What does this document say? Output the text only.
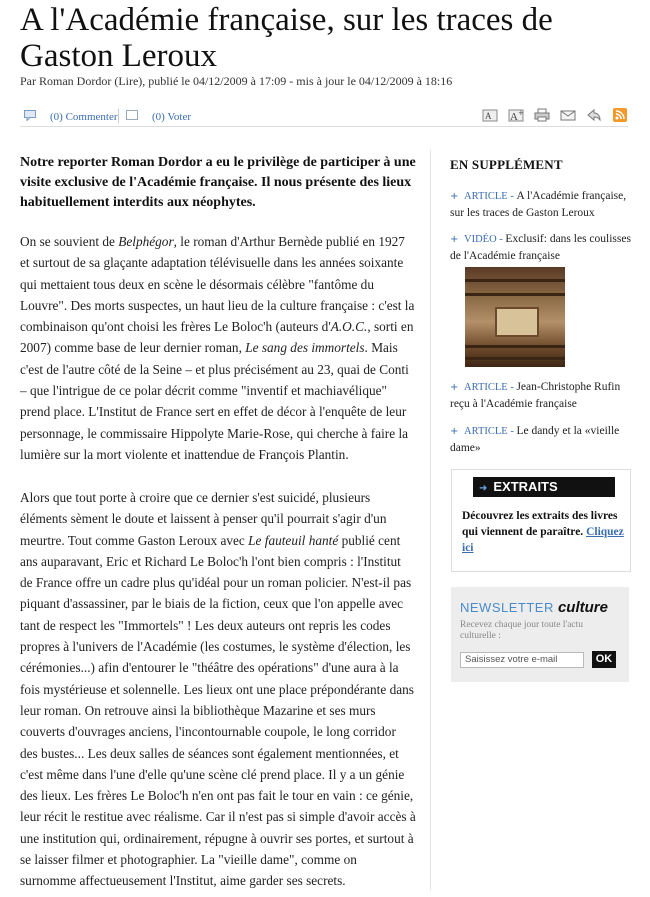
A l'Académie française, sur les traces de Gaston Leroux
Par Roman Dordor (Lire), publié le 04/12/2009 à 17:09 - mis à jour le 04/12/2009 à 18:16
(0) Commenter	(0) Voter	A
A +

Notre reporter Roman Dordor a eu le privilège de participer à une visite exclusive de l'Académie française. Il nous présente des lieux habituellement interdits aux néophytes.

On se souvient de Belphégor, le roman d'Arthur Bernède publié en 1927 et surtout de sa glaçante adaptation télévisuelle dans les années soixante qui mettaient tous deux en scène le désormais célèbre "fantôme du Louvre". Des morts suspectes, un haut lieu de la culture française : c'est la combinaison qu'ont choisi les frères Le Boloc'h (auteurs d'A.O.C., sorti en 2007) comme base de leur dernier roman, Le sang des immortels. Mais c'est de l'autre côté de la Seine – et plus précisément au 23, quai de Conti – que l'intrigue de ce polar décrit comme "inventif et machiavélique" prend place. L'Institut de France sert en effet de décor à l'enquête de leur personnage, le commissaire Hippolyte Marie-Rose, qui cherche à faire la lumière sur la mort violente et inattendue de François Plantin.

Alors que tout porte à croire que ce dernier s'est suicidé, plusieurs éléments sèment le doute et laissent à penser qu'il pourrait s'agir d'un meurtre. Tout comme Gaston Leroux avec Le fauteuil hanté publié cent ans auparavant, Eric et Richard Le Boloc'h l'ont bien compris : l'Institut de France offre un cadre plus qu'idéal pour un roman policier. N'est-il pas piquant d'assassiner, par le biais de la fiction, ceux que l'on appelle avec tant de respect les "Immortels" ! Les deux auteurs ont repris les codes propres à l'univers de l'Académie (les costumes, le système d'élection, les cérémonies...) afin d'entourer le "théâtre des opérations" d'une aura à la fois mystérieuse et solennelle. Les lieux ont une place prépondérante dans leur roman. On retrouve ainsi la bibliothèque Mazarine et ses murs couverts d'ouvrages anciens, l'incontournable coupole, le long corridor des bustes... Les deux salles de séances sont également mentionnées, et c'est même dans l'une d'elle qu'une scène clé prend place. Il y a un génie des lieux. Les frères Le Boloc'h n'en ont pas fait le tour en vain : ce génie, leur récit le restitue avec réalisme. Car il n'est pas si simple d'avoir accès à une institution qui, ordinairement, répugne à ouvrir ses portes, et surtout à se laisser filmer et photographier. La "vieille dame", comme on surnomme affectueusement l'Institut, aime garder ses secrets.

EN SUPPLÉMENT
+ ARTICLE - A l'Académie française, sur les traces de Gaston Leroux
+ VIDÉO - Exclusif: dans les coulisses de l'Académie française
+ ARTICLE - Jean-Christophe Rufin reçu à l'Académie française
+ ARTICLE - Le dandy et la «vieille dame»
➜ EXTRAITS
Découvrez les extraits des livres qui viennent de paraître. Cliquez ici
NEWSLETTER culture
Recevez chaque jour toute l'actu culturelle :
Saisissez votre e-mail	OK
